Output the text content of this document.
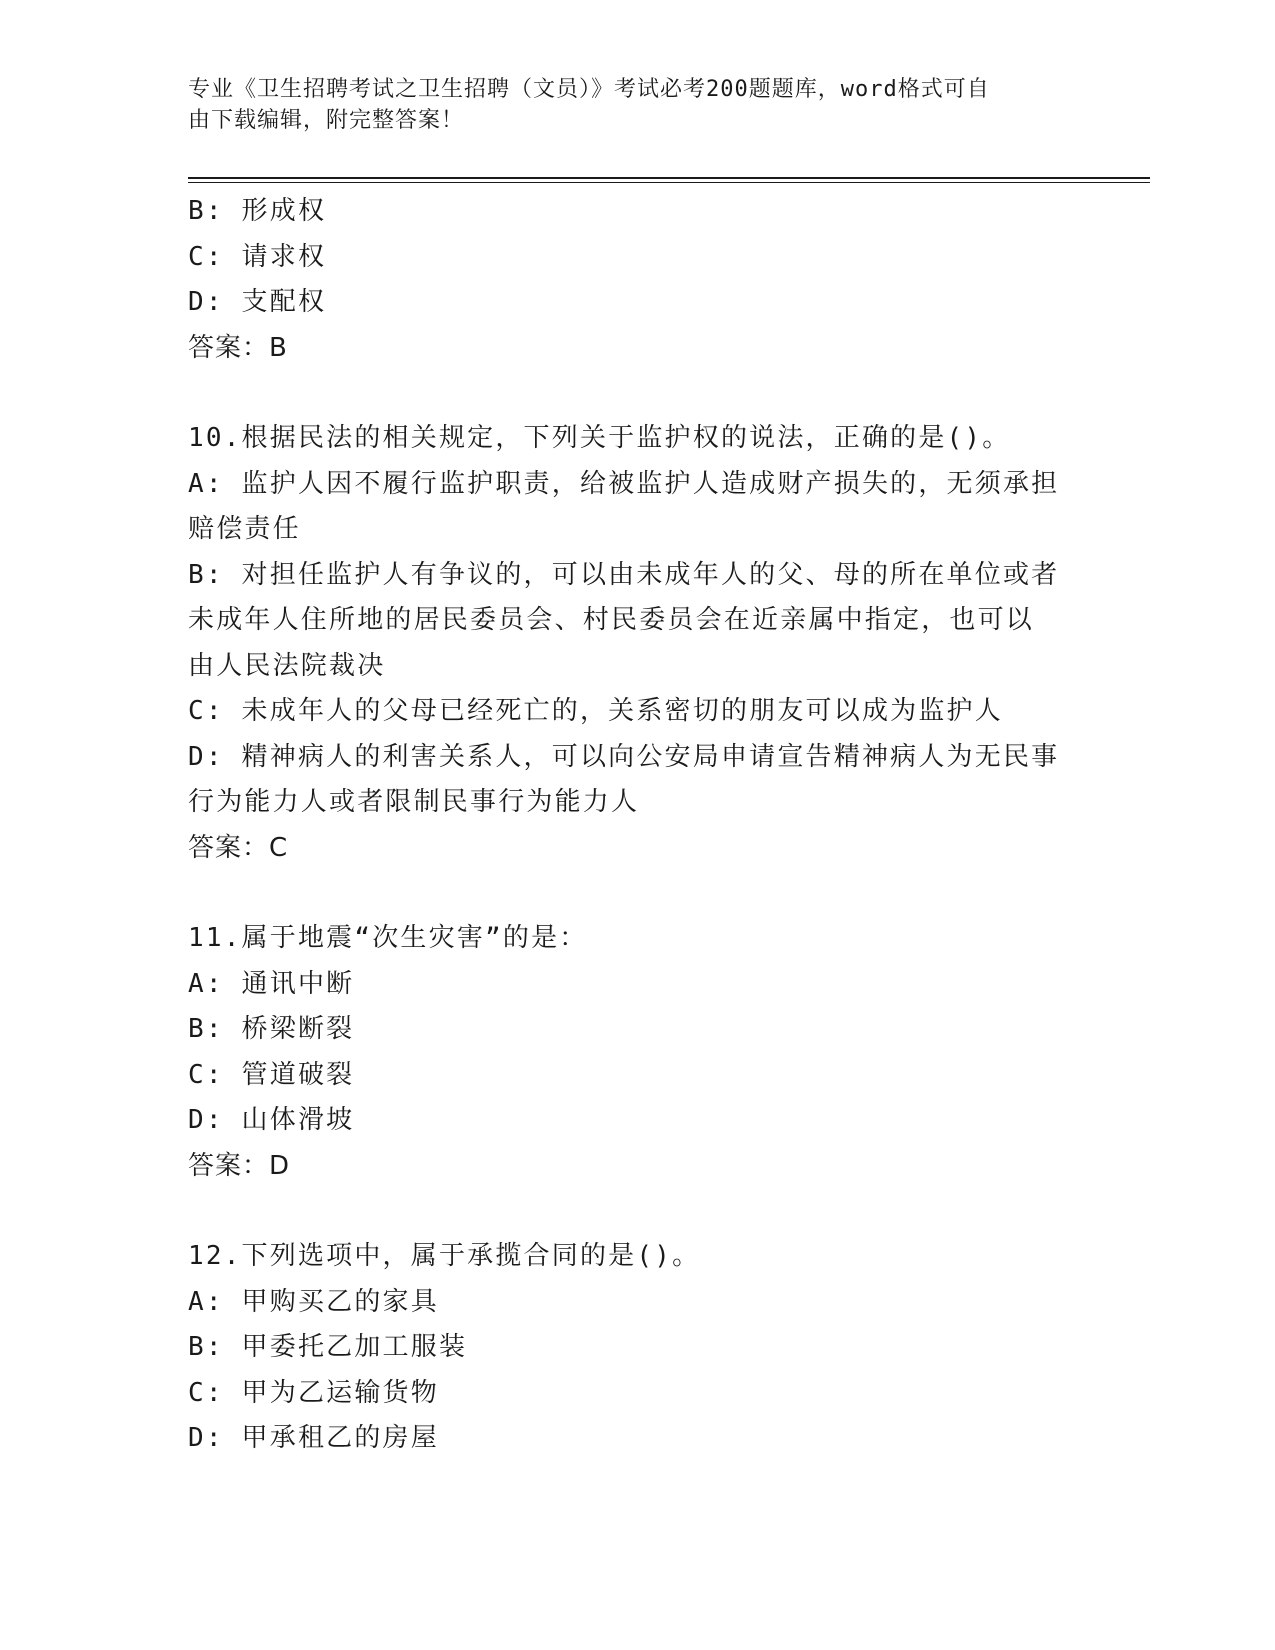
专业《卫生招聘考试之卫生招聘（文员）》考试必考200题题库，word格式可自
由下载编辑，附完整答案！
B: 形成权
C: 请求权
D: 支配权
答案：B
10.根据民法的相关规定，下列关于监护权的说法，正确的是()。
A: 监护人因不履行监护职责，给被监护人造成财产损失的，无须承担
赔偿责任
B: 对担任监护人有争议的，可以由未成年人的父、母的所在单位或者
未成年人住所地的居民委员会、村民委员会在近亲属中指定，也可以
由人民法院裁决
C: 未成年人的父母已经死亡的，关系密切的朋友可以成为监护人
D: 精神病人的利害关系人，可以向公安局申请宣告精神病人为无民事
行为能力人或者限制民事行为能力人
答案：C
11.属于地震“次生灾害”的是：
A: 通讯中断
B: 桥梁断裂
C: 管道破裂
D: 山体滑坡
答案：D
12.下列选项中，属于承揽合同的是()。
A: 甲购买乙的家具
B: 甲委托乙加工服装
C: 甲为乙运输货物
D: 甲承租乙的房屋
